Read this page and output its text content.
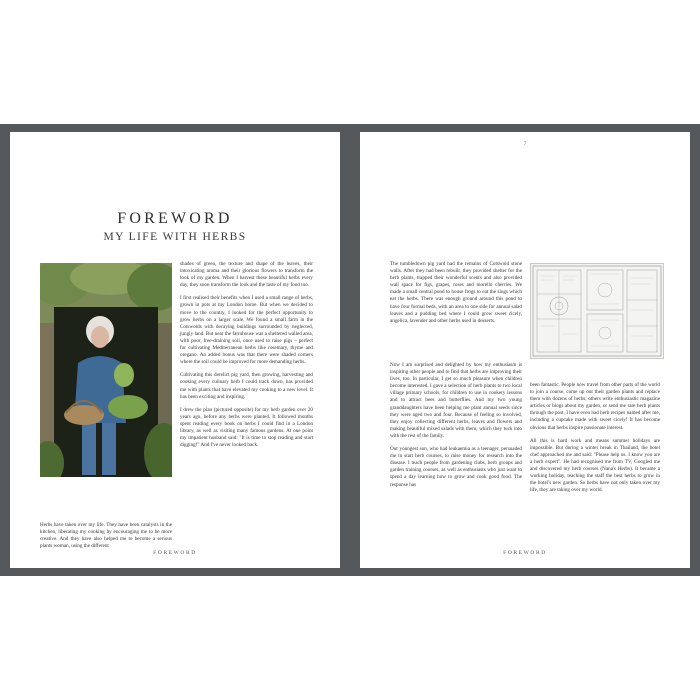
FOREWORD
MY LIFE WITH HERBS

Herbs have taken over my life. They have been catalysts in the kitchen, liberating my cooking by encouraging me to be more creative. And they have also helped me to become a serious plants woman, using the different

shades of green, the texture and shape of the leaves, their intoxicating aroma and their glorious flowers to transform the look of my garden. When I harvest these beautiful herbs every day, they soon transform the look and the taste of my food too.

I first realised their benefits when I used a small range of herbs, grown in pots at my London home. But when we decided to move to the country, I looked for the perfect opportunity to grow herbs on a larger scale. We found a small farm in the Cotswolds with decaying buildings surrounded by neglected, jungly land. But near the farmhouse was a sheltered walled area, with poor, free-draining soil, once used to raise pigs – perfect for cultivating Mediterranean herbs like rosemary, thyme and oregano. An added bonus was that there were shaded corners where the soil could be improved for more demanding herbs.

Cultivating this derelict pig yard, then growing, harvesting and cooking every culinary herb I could track down, has provided me with plants that have elevated my cooking to a new level. It has been exciting and inspiring.

I drew the plan (pictured opposite) for my herb garden over 20 years ago, before any herbs were planted. It followed months spent reading every book on herbs I could find in a London library, as well as visiting many famous gardens. At one point my impatient husband said: "It is time to stop reading and start digging!" And I've never looked back.

FOREWORD
7

The tumbledown pig yard had the remains of Cotswold stone walls. After they had been rebuilt, they provided shelter for the herb plants, trapped their wonderful scents and also provided wall space for figs, grapes, roses and morello cherries. We made a small central pond to house frogs to eat the slugs which eat the herbs. There was enough ground around this pond to have four formal beds, with an area to one side for annual salad leaves and a pudding bed where I could grow sweet cicely, angelica, lavender and other herbs used in desserts.

Now I am surprised and delighted by how my enthusiasm is inspiring other people and to find that herbs are improving their lives, too. In particular, I get so much pleasure when children become interested. I gave a selection of herb plants to two local village primary schools, for children to use in cookery lessons and to attract bees and butterflies. And my two young granddaughters have been helping me plant annual seeds since they were aged two and four. Because of feeling so involved, they enjoy collecting different herbs, leaves and flowers and making beautiful mixed salads with them, which they tuck into with the rest of the family.

Our youngest son, who had leukaemia as a teenager, persuaded me to start herb courses, to raise money for research into the disease. I teach people from gardening clubs, herb groups and garden training courses, as well as enthusiasts who just want to spend a day learning how to grow and cook good food. The response has

been fantastic. People now travel from other parts of the world to join a course, come up out their garden plants and replace them with dozens of herbs; others write enthusiastic magazine articles or blogs about my garden, or send me rare herb plants through the post. I have even had herb recipes named after me, including a cupcake made with sweet cicely! It has become obvious that herbs inspire passionate interest.

All this is hard work and means summer holidays are impossible. But during a winter break in Thailand, the hotel chef approached me and said: "Please help us. I know you are a herb expert". He had recognised me from TV, Googled me and discovered my herb courses (Nana's Herbs). It became a working holiday, teaching the staff the best herbs to grow in the hotel's new garden. So herbs have not only taken over my life, they are taking over my world.

FOREWORD
